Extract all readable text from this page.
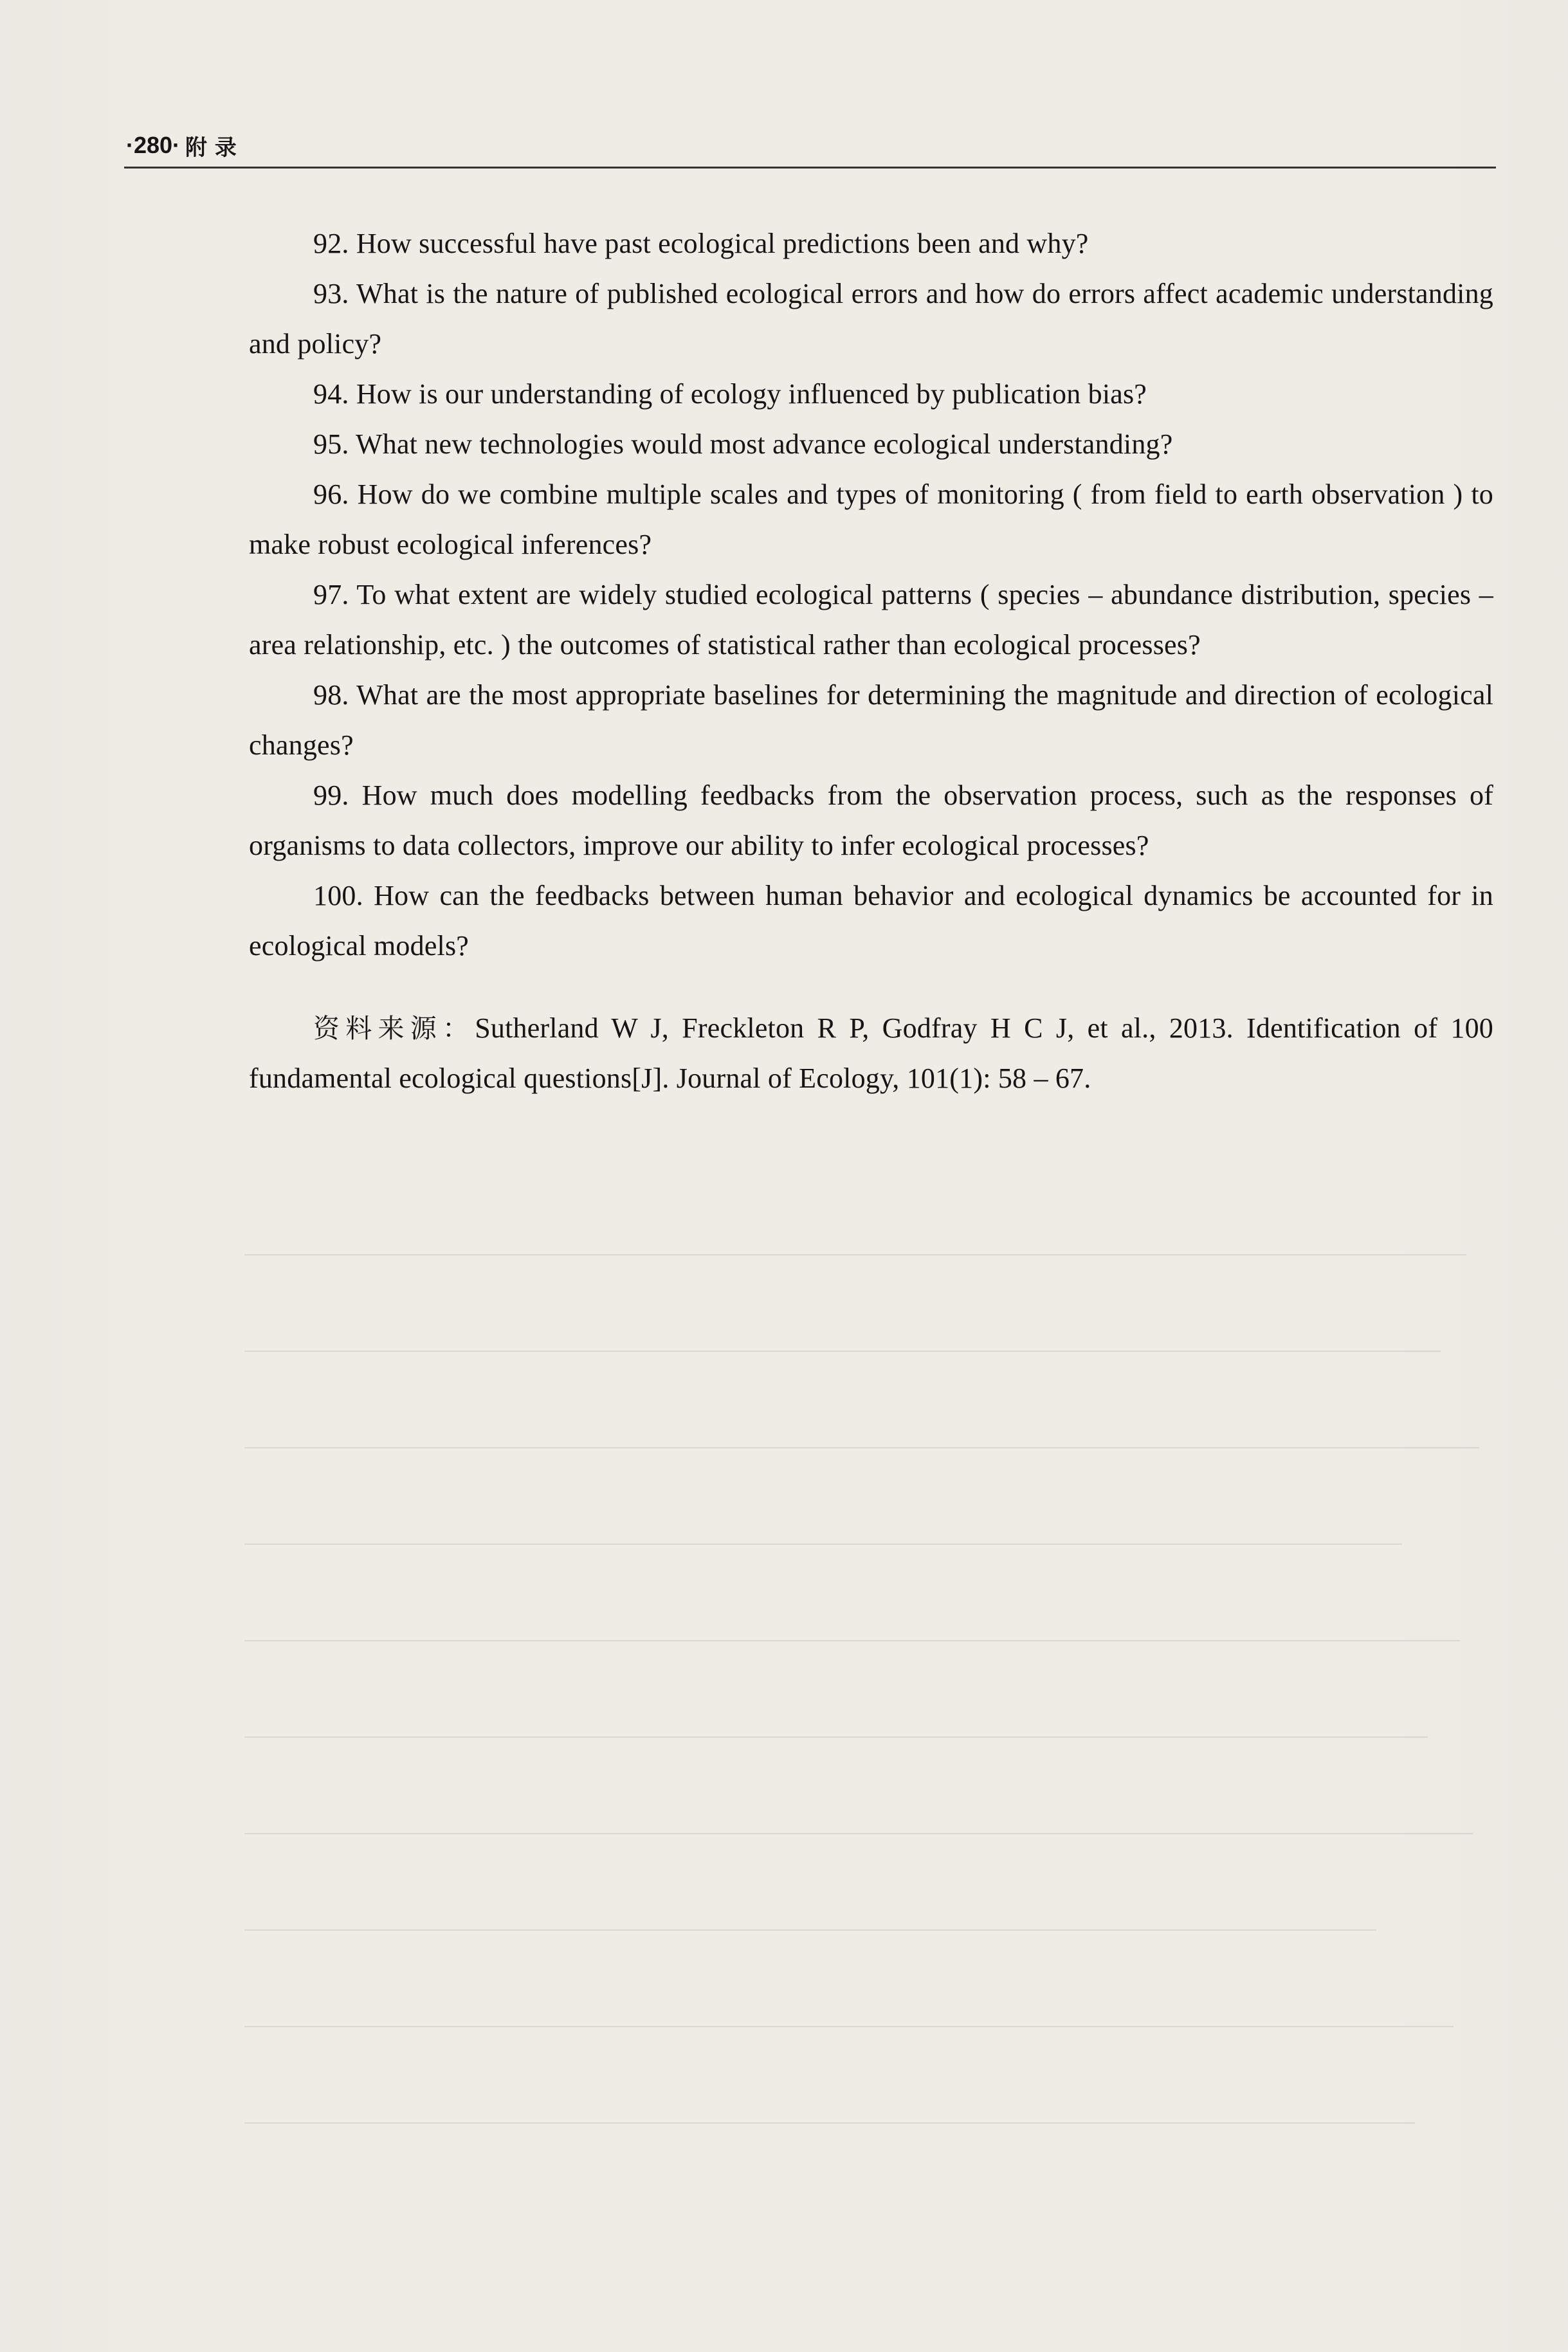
·280· 附 录

92. How successful have past ecological predictions been and why?

93. What is the nature of published ecological errors and how do errors affect academic understanding and policy?

94. How is our understanding of ecology influenced by publication bias?

95. What new technologies would most advance ecological understanding?

96. How do we combine multiple scales and types of monitoring ( from field to earth observation ) to make robust ecological inferences?

97. To what extent are widely studied ecological patterns ( species – abundance distribution, species – area relationship, etc. ) the outcomes of statistical rather than ecological processes?

98. What are the most appropriate baselines for determining the magnitude and direction of ecological changes?

99. How much does modelling feedbacks from the observation process, such as the responses of organisms to data collectors, improve our ability to infer ecological processes?

100. How can the feedbacks between human behavior and ecological dynamics be accounted for in ecological models?

资料来源：Sutherland W J, Freckleton R P, Godfray H C J, et al., 2013. Identification of 100 fundamental ecological questions[J]. Journal of Ecology, 101(1): 58 – 67.
